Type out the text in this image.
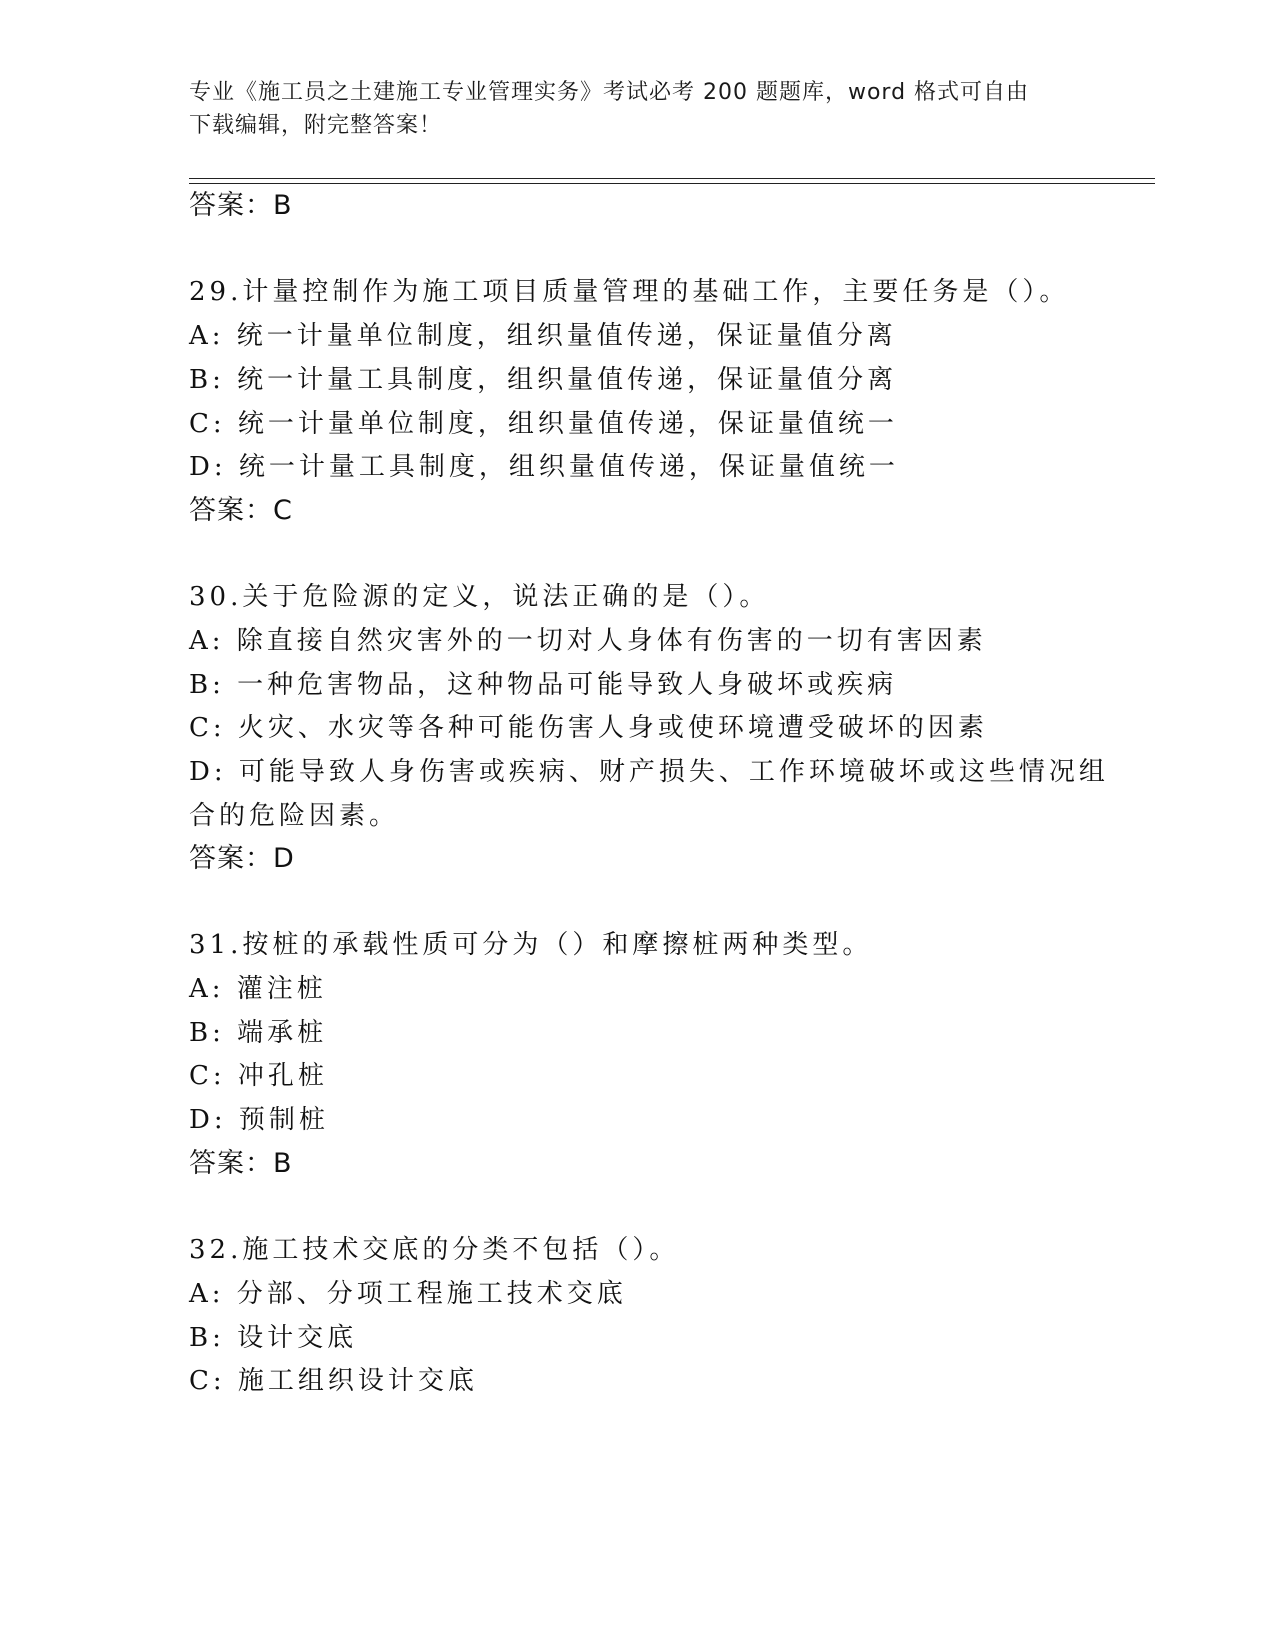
专业《施工员之土建施工专业管理实务》考试必考 200 题题库，word 格式可自由
下载编辑，附完整答案！
答案：B
29.计量控制作为施工项目质量管理的基础工作，主要任务是（）。
A: 统一计量单位制度，组织量值传递，保证量值分离
B: 统一计量工具制度，组织量值传递，保证量值分离
C: 统一计量单位制度，组织量值传递，保证量值统一
D: 统一计量工具制度，组织量值传递，保证量值统一
答案：C
30.关于危险源的定义，说法正确的是（）。
A: 除直接自然灾害外的一切对人身体有伤害的一切有害因素
B: 一种危害物品，这种物品可能导致人身破坏或疾病
C: 火灾、水灾等各种可能伤害人身或使环境遭受破坏的因素
D: 可能导致人身伤害或疾病、财产损失、工作环境破坏或这些情况组
合的危险因素。
答案：D
31.按桩的承载性质可分为（）和摩擦桩两种类型。
A: 灌注桩
B: 端承桩
C: 冲孔桩
D: 预制桩
答案：B
32.施工技术交底的分类不包括（）。
A: 分部、分项工程施工技术交底
B: 设计交底
C: 施工组织设计交底
